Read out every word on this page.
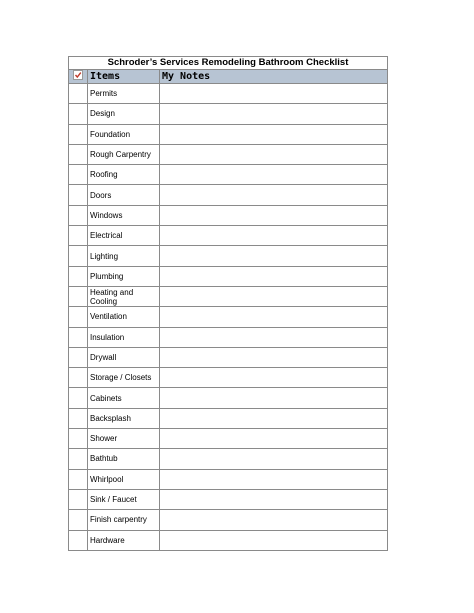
Schroder’s Services Remodeling Bathroom Checklist		

	Items	My Notes
	Permits	
	Design	
	Foundation	
	Rough Carpentry	
	Roofing	
	Doors	
	Windows	
	Electrical	
	Lighting	
	Plumbing	
	Heating and Cooling	
	Ventilation	
	Insulation	
	Drywall	
	Storage / Closets	
	Cabinets	
	Backsplash	
	Shower	
	Bathtub	
	Whirlpool	
	Sink / Faucet	
	Finish carpentry	
	Hardware	
